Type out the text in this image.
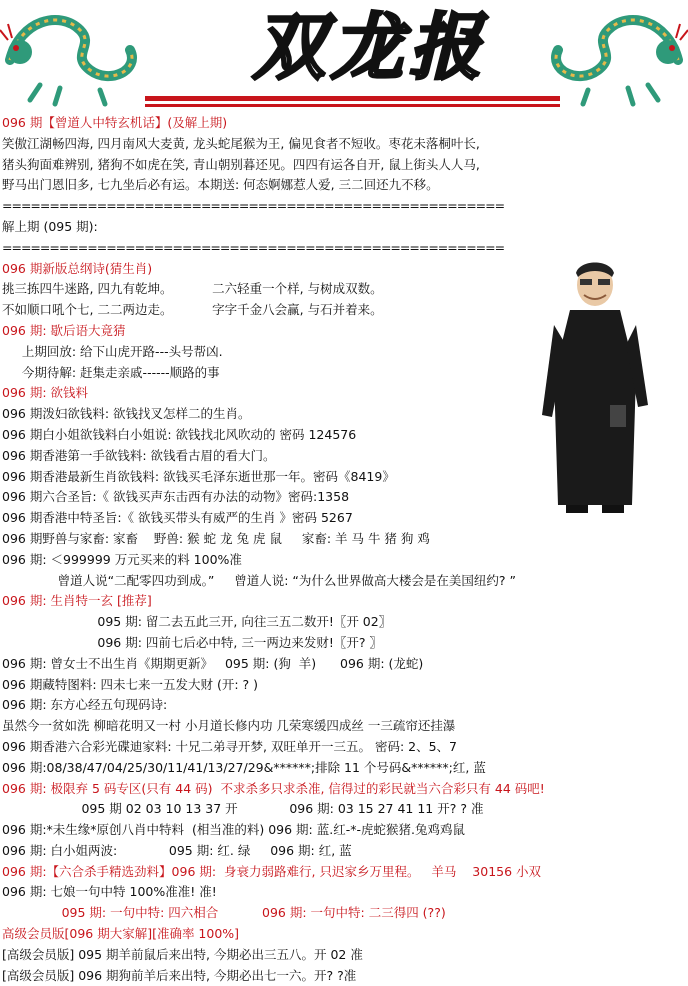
双龙报
096 期【曾道人中特玄机话】(及解上期)
笑傲江湖畅四海, 四月南风大麦黄, 龙头蛇尾猴为王, 偏见食者不短收。枣花未落桐叶长,
猪头狗面难辨别, 猪狗不如虎在笑, 青山朝别暮还见。四四有运各自开, 鼠上街头人人马,
野马出门恩旧多, 七九坐后必有运。本期送: 何态婀娜惹人爱, 三二回还九不移。
=====================================================
解上期 (095 期):
=====================================================
096 期新版总纲诗(猜生肖)
挑三拣四牛迷路, 四九有乾坤。          二六轻重一个样, 与树成双数。
不如顺口吼个七, 二二两边走。          字字千金八会赢, 与石并着来。
096 期: 歇后语大竟猜
上期回放: 给下山虎开路---头号帮凶.
今期待解: 赶集走亲戚------顺路的事
096 期: 欲钱料
096 期泼妇欲钱料: 欲钱找叉怎样二的生肖。
096 期白小姐欲钱料白小姐说: 欲钱找北风吹动的 密码 124576
096 期香港第一手欲钱料: 欲钱看古眉的看大门。
096 期香港最新生肖欲钱料: 欲钱买毛泽东逝世那一年。密码《8419》
096 期六合圣旨:《 欲钱买声东击西有办法的动物》密码:1358
096 期香港中特圣旨:《 欲钱买带头有威严的生肖 》密码 5267
096 期野兽与家畜: 家畜    野兽: 猴 蛇 龙 兔 虎 鼠     家畜: 羊 马 牛 猪 狗 鸡
096 期: ＜999999 万元买来的料 100%准
曾道人说“二配零四功到成。”     曾道人说: “为什么世界做高大楼会是在美国纽约? ”
096 期: 生肖特一玄 [推荐]
095 期: 留二去五此三开, 向往三五二数开!〖开 02〗
096 期: 四前七后必中特, 三一两边来发财!〖开? 〗
096 期: 曾女士不出生肖《期期更新》   095 期: (狗  羊)      096 期: (龙蛇)
096 期藏特图料: 四未七来一五发大财 (开: ? )
096 期: 东方心经五句现码诗:
虽然今一贫如洗 柳暗花明又一村 小月道长修内功 几荣寒缓四成丝 一三疏帘还挂瀑
096 期香港六合彩光碟迪家料: 十兄二弟寻开梦, 双旺单开一三五。 密码: 2、5、7
096 期:08/38/47/04/25/30/11/41/13/27/29&******;排除 11 个号码&******;红, 蓝
096 期: 极限弃 5 码专区(只有 44 码)  不求杀多只求杀准, 信得过的彩民就当六合彩只有 44 码吧!
095 期 02 03 10 13 37 开             096 期: 03 15 27 41 11 开? ? 准
096 期:*未生缘*原创八肖中特料  (相当准的料) 096 期: 蓝.红-*-虎蛇猴猪.兔鸡鸡鼠
096 期: 白小姐两波:             095 期: 红. 绿     096 期: 红, 蓝
096 期:【六合杀手精选劲料】096 期:  身衰力弱路难行, 只迟家乡万里程。   羊马    30156 小双
096 期: 七娘一句中特 100%准准! 准!
095 期: 一句中特: 四六相合           096 期: 一句中特: 二三得四 (??)
高级会员版[096 期大家解][准确率 100%]
[高级会员版] 095 期羊前鼠后来出特, 今期必出三五八。开 02 准
[高级会员版] 096 期狗前羊后来出特, 今期必出七一六。开? ?准
